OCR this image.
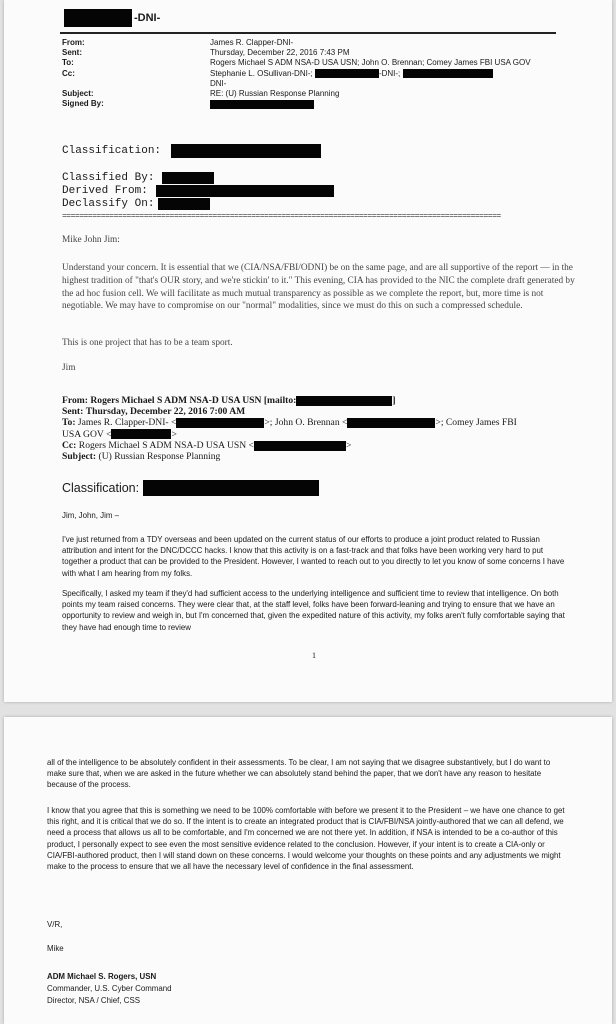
-DNI-
From:	James R. Clapper-DNI-
Sent:	Thursday, December 22, 2016 7:43 PM
To:	Rogers Michael S ADM NSA-D USA USN; John O. Brennan; Comey James FBI USA GOV
Cc:	Stephanie L. OSullivan-DNI-;	-DNI-;
DNI-
Subject:	RE: (U) Russian Response Planning
Signed By:
Classification:
Classified By:
Derived From:
Declassify On:
======================================================================================================
Mike John Jim:
Understand your concern. It is essential that we (CIA/NSA/FBI/ODNI) be on the same page, and are all supportive of the report — in the highest tradition of "that's OUR story, and we're stickin' to it." This evening, CIA has provided to the NIC the complete draft generated by the ad hoc fusion cell. We will facilitate as much mutual transparency as possible as we complete the report, but, more time is not negotiable. We may have to compromise on our "normal" modalities, since we must do this on such a compressed schedule.
This is one project that has to be a team sport.
Jim
From: Rogers Michael S ADM NSA-D USA USN [mailto:	]
Sent: Thursday, December 22, 2016 7:00 AM
To: James R. Clapper-DNI- <	>; John O. Brennan <	>; Comey James FBI
USA GOV <	>
Cc: Rogers Michael S ADM NSA-D USA USN <	>
Subject: (U) Russian Response Planning
Classification:
Jim, John, Jim –
I've just returned from a TDY overseas and been updated on the current status of our efforts to produce a joint product related to Russian attribution and intent for the DNC/DCCC hacks. I know that this activity is on a fast-track and that folks have been working very hard to put together a product that can be provided to the President. However, I wanted to reach out to you directly to let you know of some concerns I have with what I am hearing from my folks.
Specifically, I asked my team if they'd had sufficient access to the underlying intelligence and sufficient time to review that intelligence. On both points my team raised concerns. They were clear that, at the staff level, folks have been forward-leaning and trying to ensure that we have an opportunity to review and weigh in, but I'm concerned that, given the expedited nature of this activity, my folks aren't fully comfortable saying that they have had enough time to review
1
all of the intelligence to be absolutely confident in their assessments. To be clear, I am not saying that we disagree substantively, but I do want to make sure that, when we are asked in the future whether we can absolutely stand behind the paper, that we don't have any reason to hesitate because of the process.
I know that you agree that this is something we need to be 100% comfortable with before we present it to the President – we have one chance to get this right, and it is critical that we do so. If the intent is to create an integrated product that is CIA/FBI/NSA jointly-authored that we can all defend, we need a process that allows us all to be comfortable, and I'm concerned we are not there yet. In addition, if NSA is intended to be a co-author of this product, I personally expect to see even the most sensitive evidence related to the conclusion. However, if your intent is to create a CIA-only or CIA/FBI-authored product, then I will stand down on these concerns. I would welcome your thoughts on these points and any adjustments we might make to the process to ensure that we all have the necessary level of confidence in the final assessment.
V/R,
Mike
ADM Michael S. Rogers, USN
Commander, U.S. Cyber Command
Director, NSA / Chief, CSS
